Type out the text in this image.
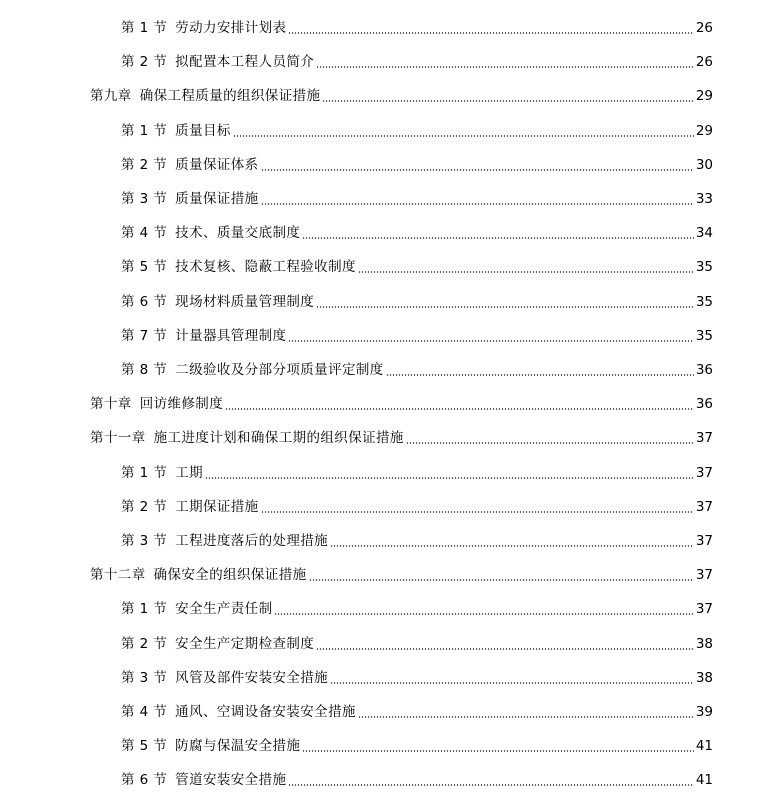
第 1 节 劳动力安排计划表	26
第 2 节 拟配置本工程人员简介	26
第九章 确保工程质量的组织保证措施	29
第 1 节 质量目标	29
第 2 节 质量保证体系	30
第 3 节 质量保证措施	33
第 4 节 技术、质量交底制度	34
第 5 节 技术复核、隐蔽工程验收制度	35
第 6 节 现场材料质量管理制度	35
第 7 节 计量器具管理制度	35
第 8 节 二级验收及分部分项质量评定制度	36
第十章 回访维修制度	36
第十一章 施工进度计划和确保工期的组织保证措施	37
第 1 节 工期	37
第 2 节 工期保证措施	37
第 3 节 工程进度落后的处理措施	37
第十二章 确保安全的组织保证措施	37
第 1 节 安全生产责任制	37
第 2 节 安全生产定期检查制度	38
第 3 节 风管及部件安装安全措施	38
第 4 节 通风、空调设备安装安全措施	39
第 5 节 防腐与保温安全措施	41
第 6 节 管道安装安全措施	41
